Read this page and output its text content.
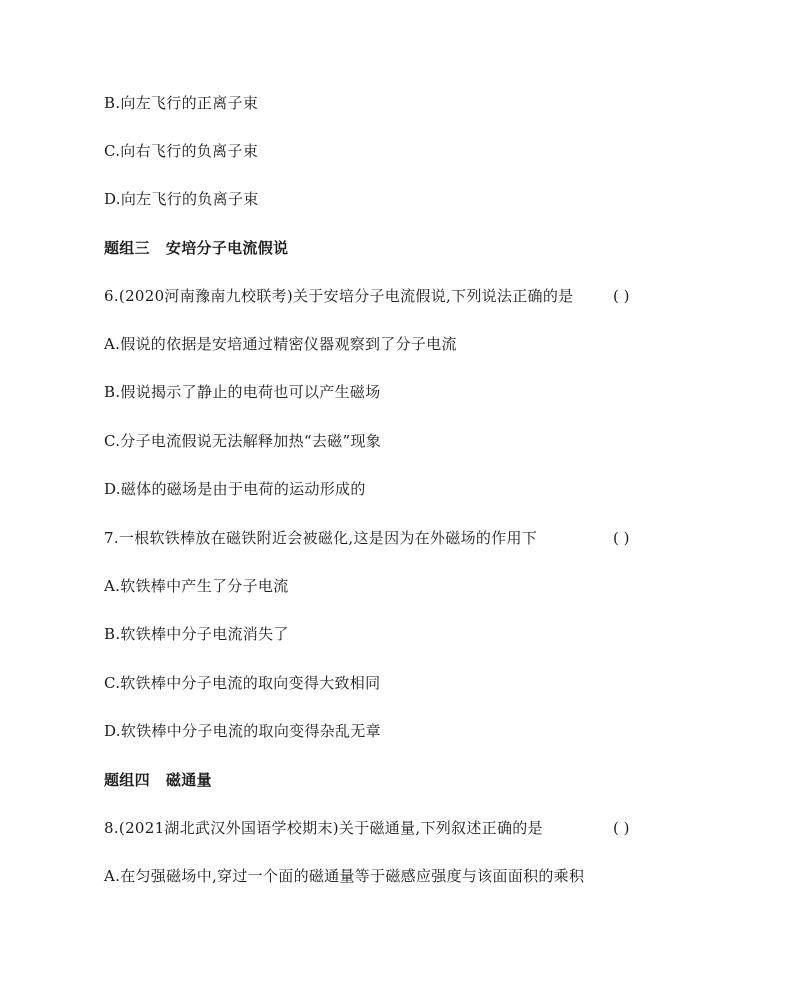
B.向左飞行的正离子束
C.向右飞行的负离子束
D.向左飞行的负离子束
题组三 安培分子电流假说
6.(2020河南豫南九校联考)关于安培分子电流假说,下列说法正确的是	( )
A.假说的依据是安培通过精密仪器观察到了分子电流
B.假说揭示了静止的电荷也可以产生磁场
C.分子电流假说无法解释加热“去磁”现象
D.磁体的磁场是由于电荷的运动形成的
7.一根软铁棒放在磁铁附近会被磁化,这是因为在外磁场的作用下	( )
A.软铁棒中产生了分子电流
B.软铁棒中分子电流消失了
C.软铁棒中分子电流的取向变得大致相同
D.软铁棒中分子电流的取向变得杂乱无章
题组四 磁通量
8.(2021湖北武汉外国语学校期末)关于磁通量,下列叙述正确的是	( )
A.在匀强磁场中,穿过一个面的磁通量等于磁感应强度与该面面积的乘积
